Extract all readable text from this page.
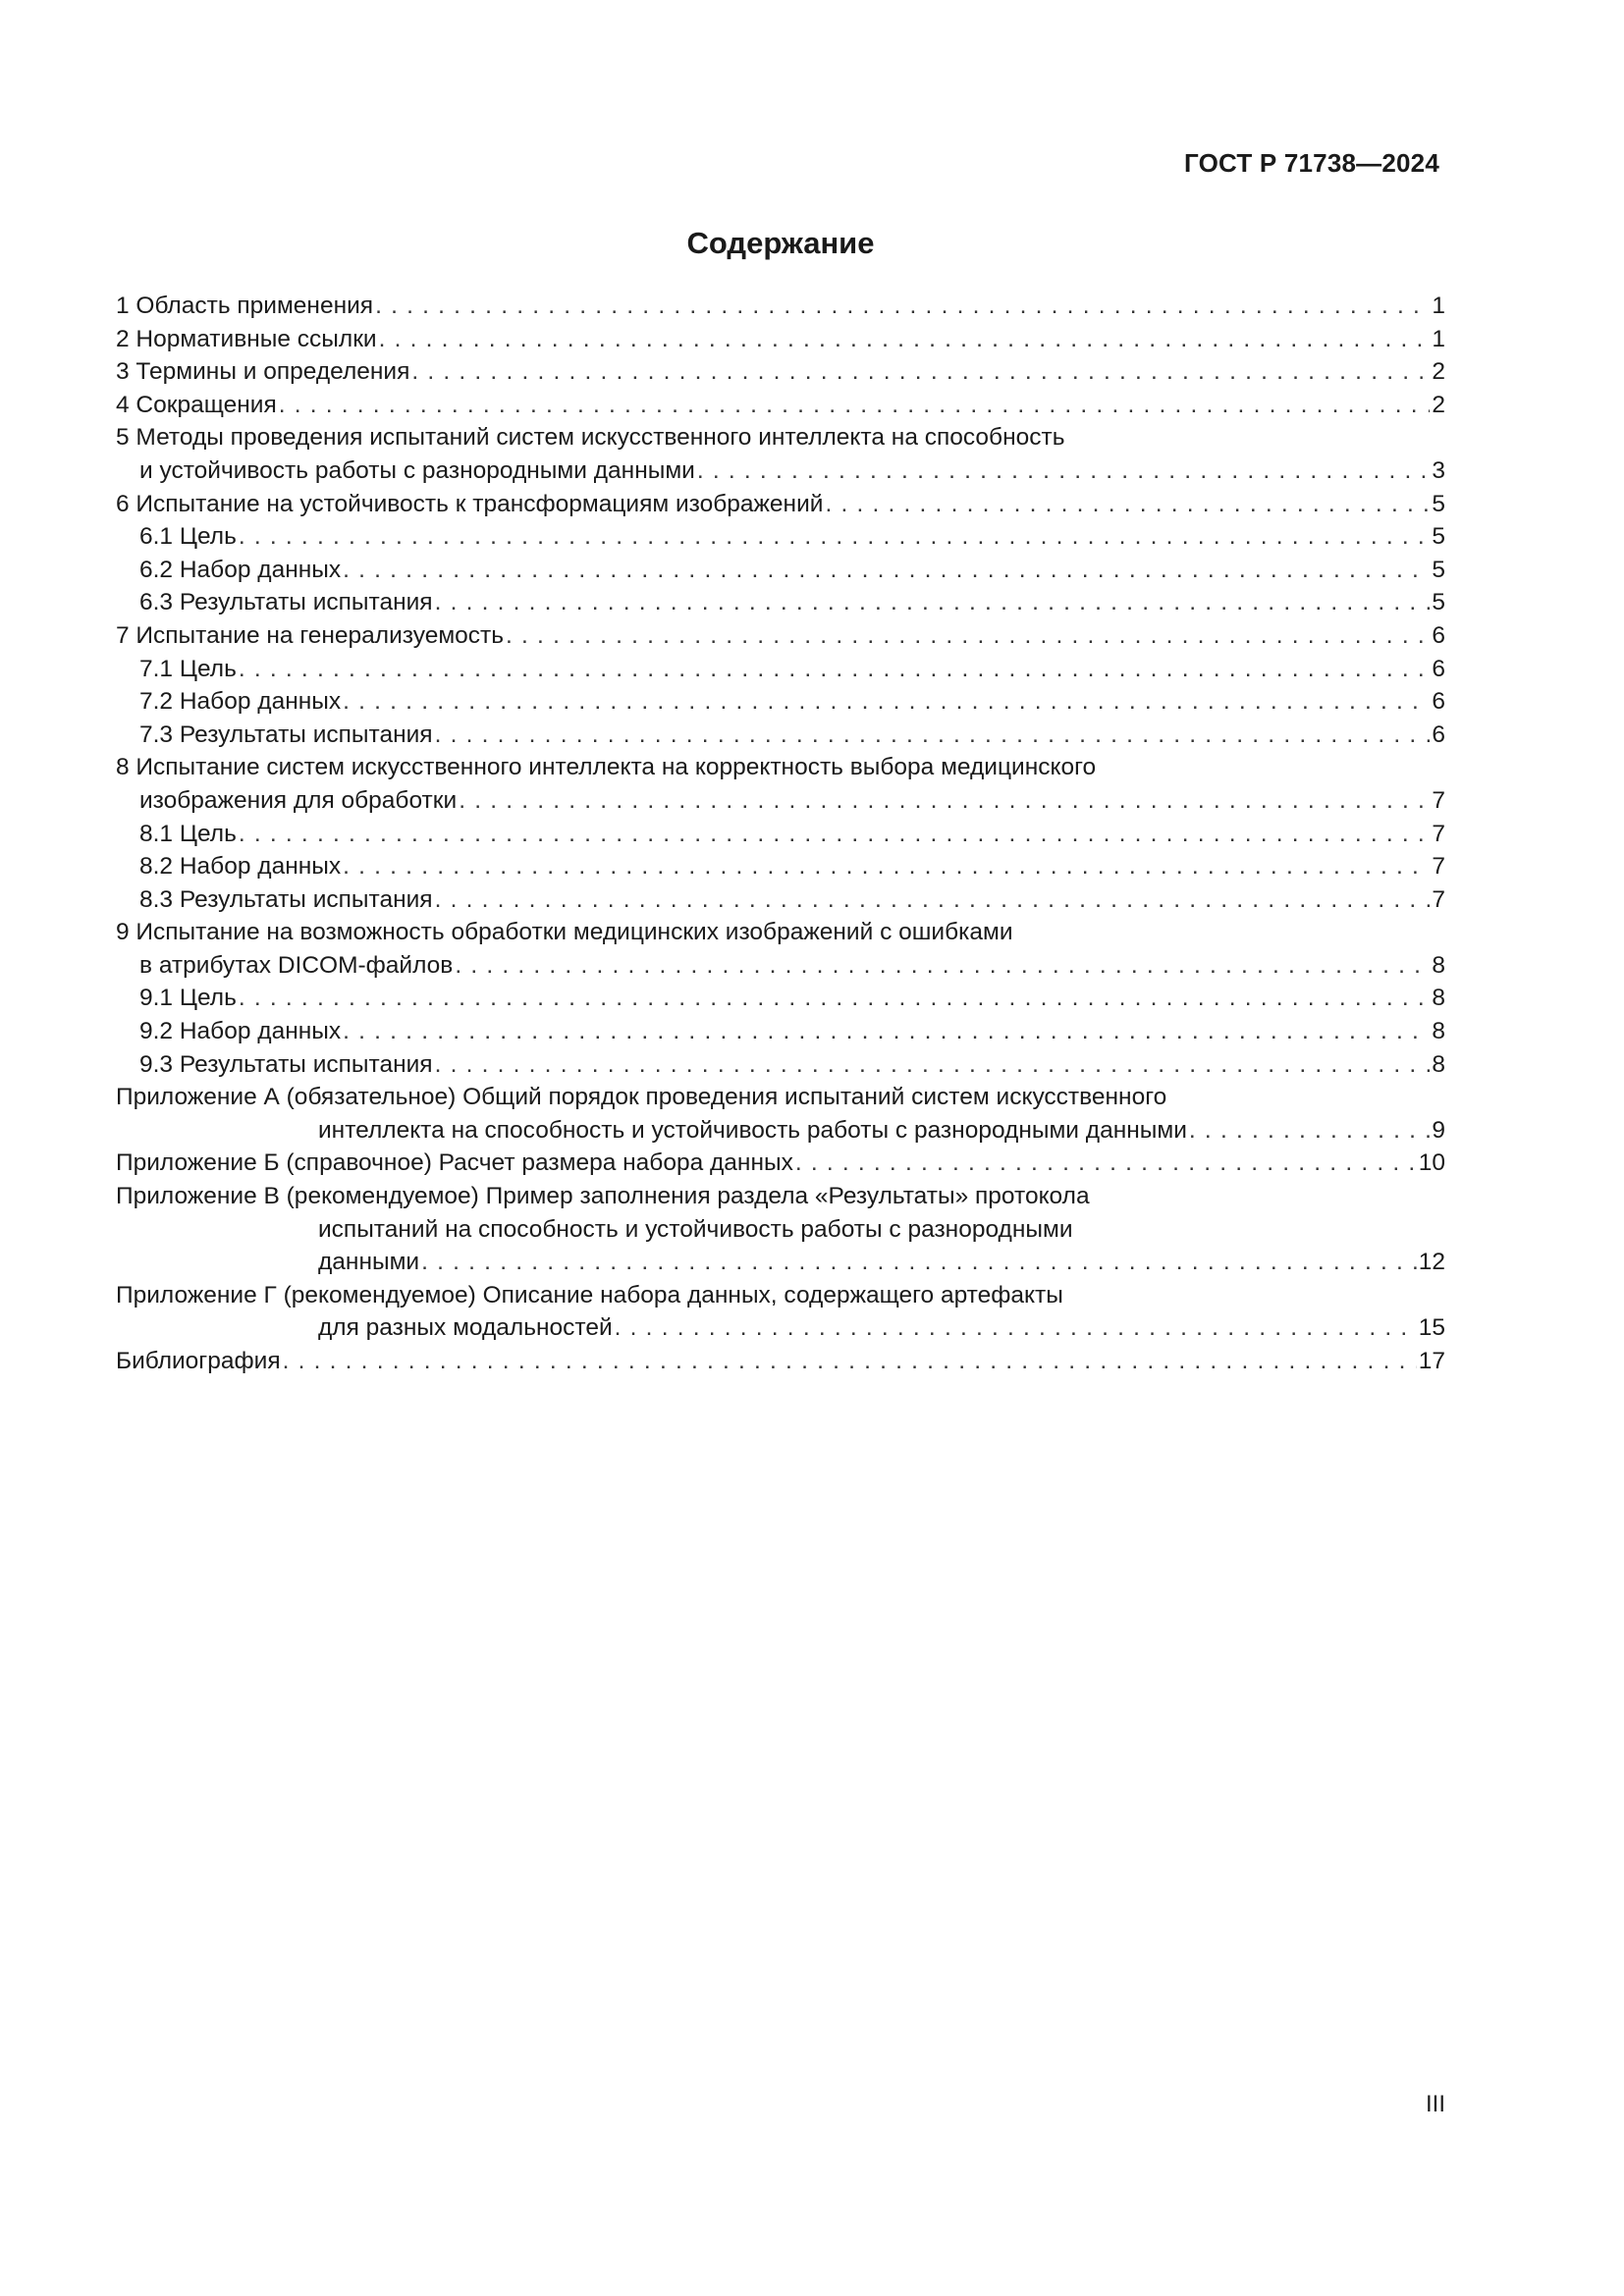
ГОСТ Р 71738—2024
Содержание
1 Область применения . . .	1
2 Нормативные ссылки . . .	1
3 Термины и определения . . .	2
4 Сокращения . . .	2
5 Методы проведения испытаний систем искусственного интеллекта на способность
и устойчивость работы с разнородными данными . . .	3
6 Испытание на устойчивость к трансформациям изображений . . .	5
6.1 Цель . . .	5
6.2 Набор данных . . .	5
6.3 Результаты испытания . . .	5
7 Испытание на генерализуемость . . .	6
7.1 Цель . . .	6
7.2 Набор данных . . .	6
7.3 Результаты испытания . . .	6
8 Испытание систем искусственного интеллекта на корректность выбора медицинского
изображения для обработки . . .	7
8.1 Цель . . .	7
8.2 Набор данных . . .	7
8.3 Результаты испытания . . .	7
9 Испытание на возможность обработки медицинских изображений с ошибками
в атрибутах DICOM-файлов . . .	8
9.1 Цель . . .	8
9.2 Набор данных . . .	8
9.3 Результаты испытания . . .	8
Приложение А (обязательное) Общий порядок проведения испытаний систем искусственного
интеллекта на способность и устойчивость работы с разнородными данными . . .	9
Приложение Б (справочное) Расчет размера набора данных . . .	10
Приложение В (рекомендуемое) Пример заполнения раздела «Результаты» протокола
испытаний на способность и устойчивость работы с разнородными
данными . . .	12
Приложение Г (рекомендуемое) Описание набора данных, содержащего артефакты
для разных модальностей . . .	15
Библиография . . .	17
III
